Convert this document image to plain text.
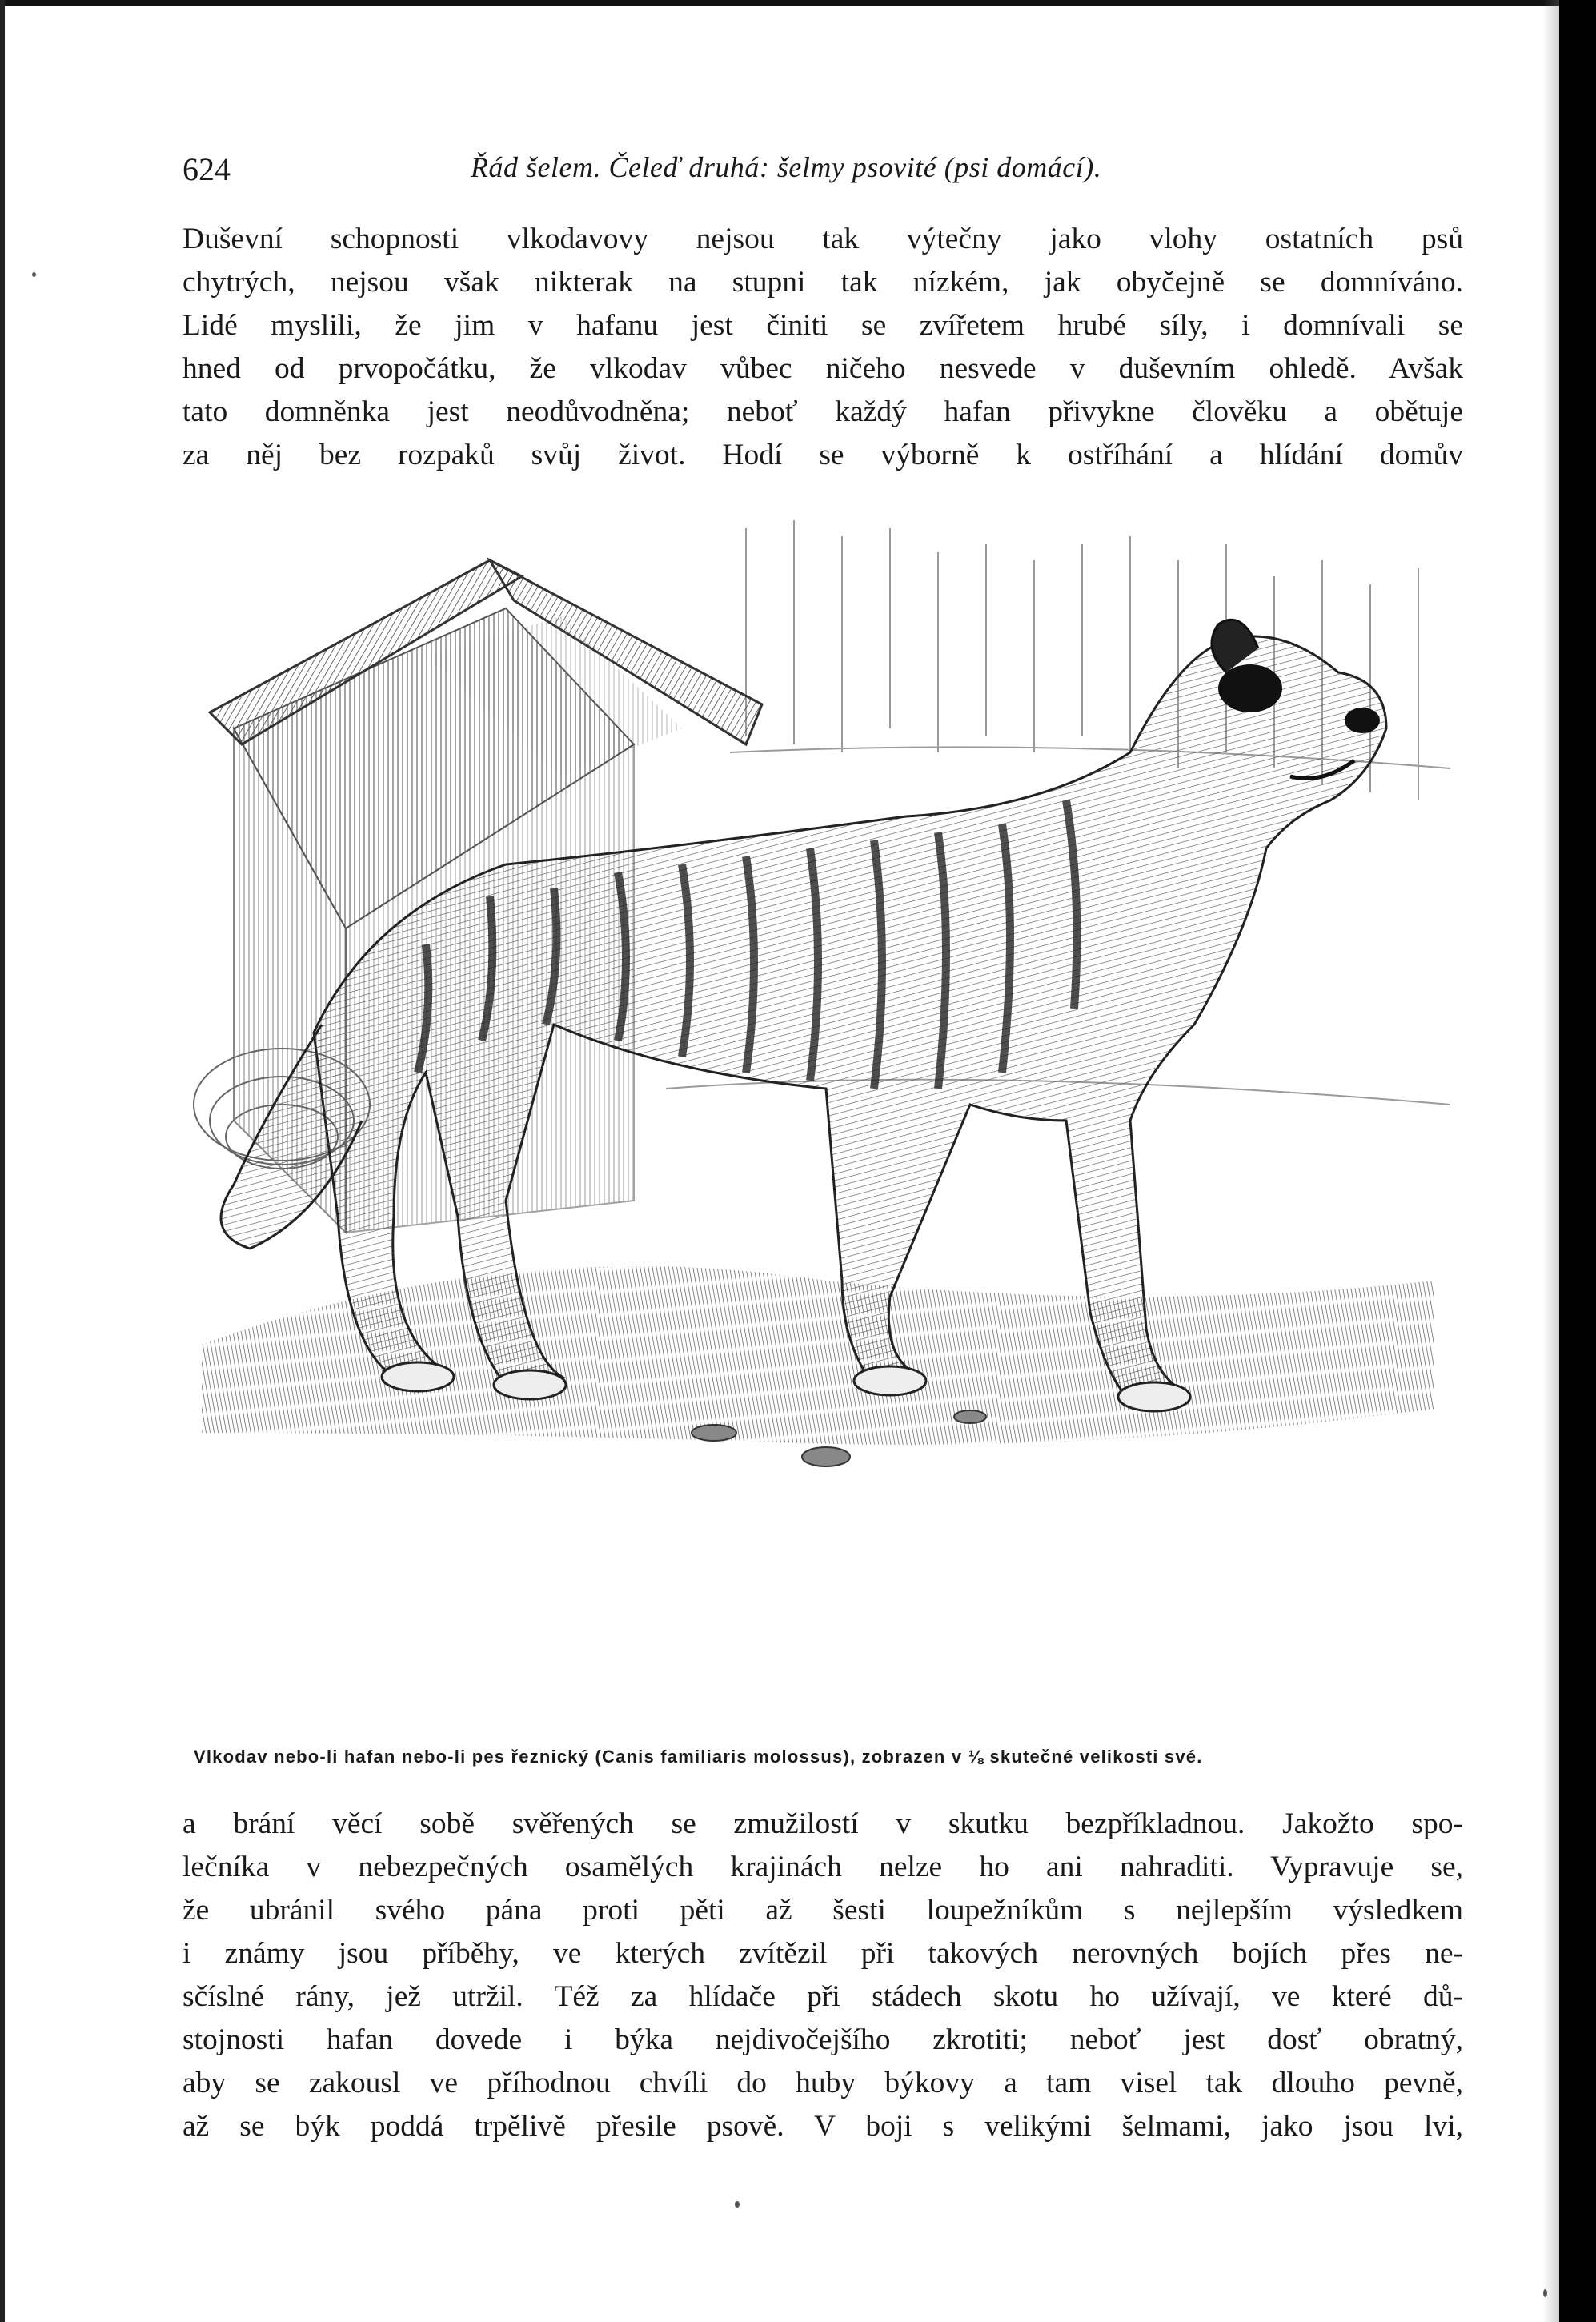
624	Řád šelem. Čeleď druhá: šelmy psovité (psi domácí).
Duševní schopnosti vlkodavovy nejsou tak výtečny jako vlohy ostatních psů
chytrých, nejsou však nikterak na stupni tak nízkém, jak obyčejně se domníváno.
Lidé myslili, že jim v hafanu jest činiti se zvířetem hrubé síly, i domnívali se
hned od prvopočátku, že vlkodav vůbec ničeho nesvede v duševním ohledě. Avšak
tato domněnka jest neodůvodněna; neboť každý hafan přivykne člověku a obětuje
za něj bez rozpaků svůj život. Hodí se výborně k ostříhání a hlídání domův
Vlkodav nebo-li hafan nebo-li pes řeznický (Canis familiaris molossus), zobrazen v ⅛ skutečné velikosti své.
a brání věcí sobě svěřených se zmužilostí v skutku bezpříkladnou. Jakožto spo-
lečníka v nebezpečných osamělých krajinách nelze ho ani nahraditi. Vypravuje se,
že ubránil svého pána proti pěti až šesti loupežníkům s nejlepším výsledkem
i známy jsou příběhy, ve kterých zvítězil při takových nerovných bojích přes ne-
sčíslné rány, jež utržil. Též za hlídače při stádech skotu ho užívají, ve které dů-
stojnosti hafan dovede i býka nejdivočejšího zkrotiti; neboť jest dosť obratný,
aby se zakousl ve příhodnou chvíli do huby býkovy a tam visel tak dlouho pevně,
až se býk poddá trpělivě přesile psově. V boji s velikými šelmami, jako jsou lvi,
